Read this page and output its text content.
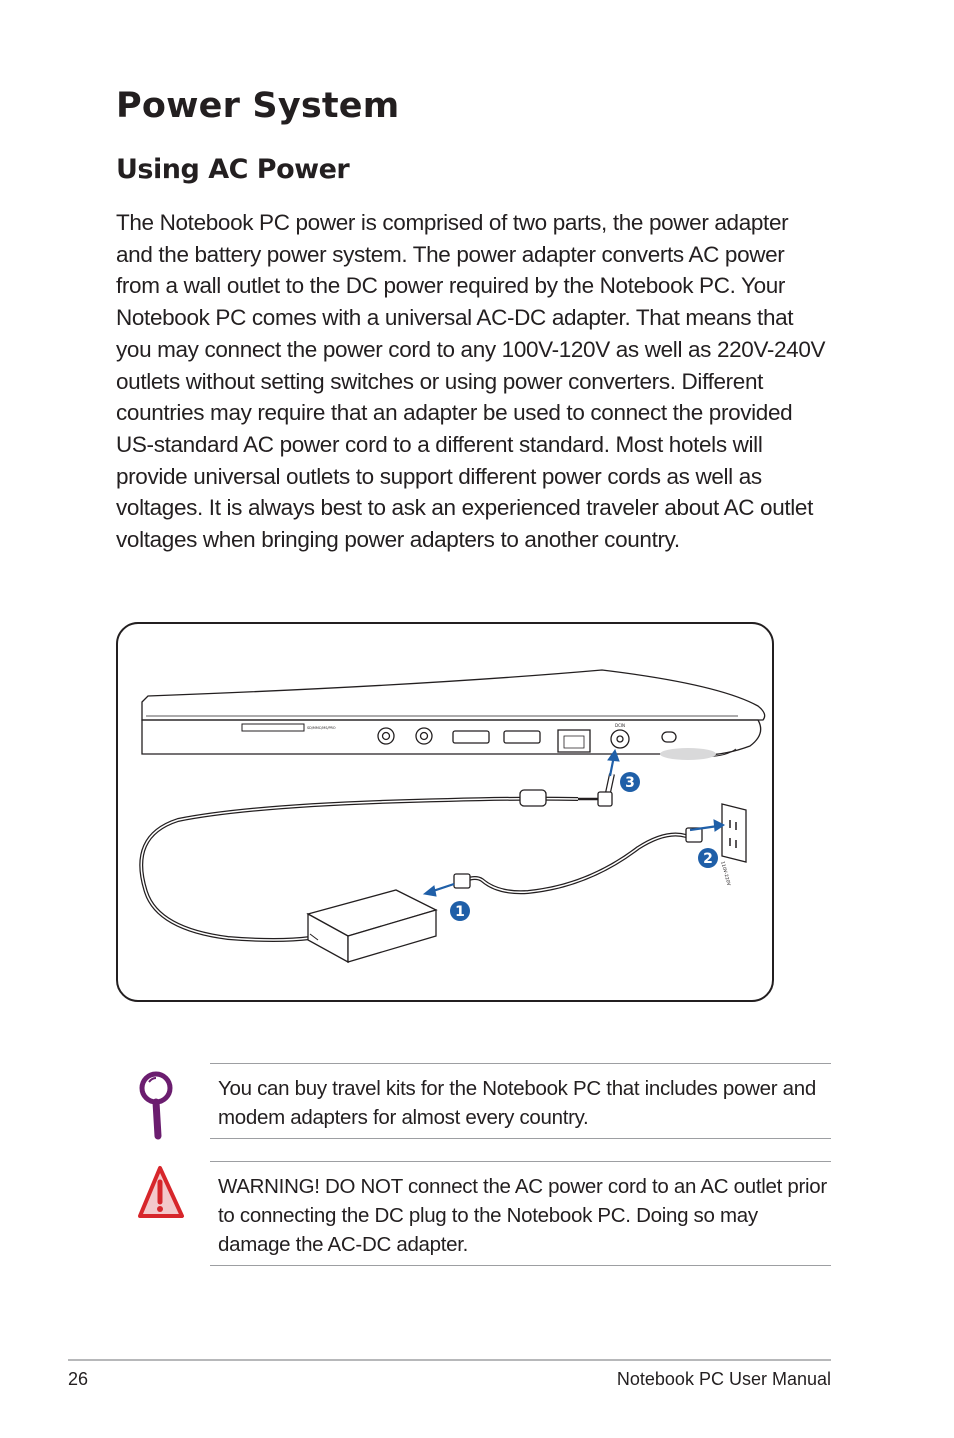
Power System
Using AC Power

The Notebook PC power is comprised of two parts, the power adapter and the battery power system. The power adapter converts AC power from a wall outlet to the DC power required by the Notebook PC. Your Notebook PC comes with a universal AC-DC adapter. That means that you may connect the power cord to any 100V-120V as well as 220V-240V outlets without setting switches or using power converters. Different countries may require that an adapter be used to connect the provided US-standard AC power cord to a different standard. Most hotels will provide universal outlets to support different power cords as well as voltages. It is always best to ask an experienced traveler about AC outlet voltages when bringing power adapters to another country.

SD/MMC/MS/PRO	DCIN
110V-220V
1
2
3

You can buy travel kits for the Notebook PC that includes power and modem adapters for almost every country.

WARNING! DO NOT connect the AC power cord to an AC outlet prior to connecting the DC plug to the Notebook PC. Doing so may damage the AC-DC adapter.

26	Notebook PC User Manual
